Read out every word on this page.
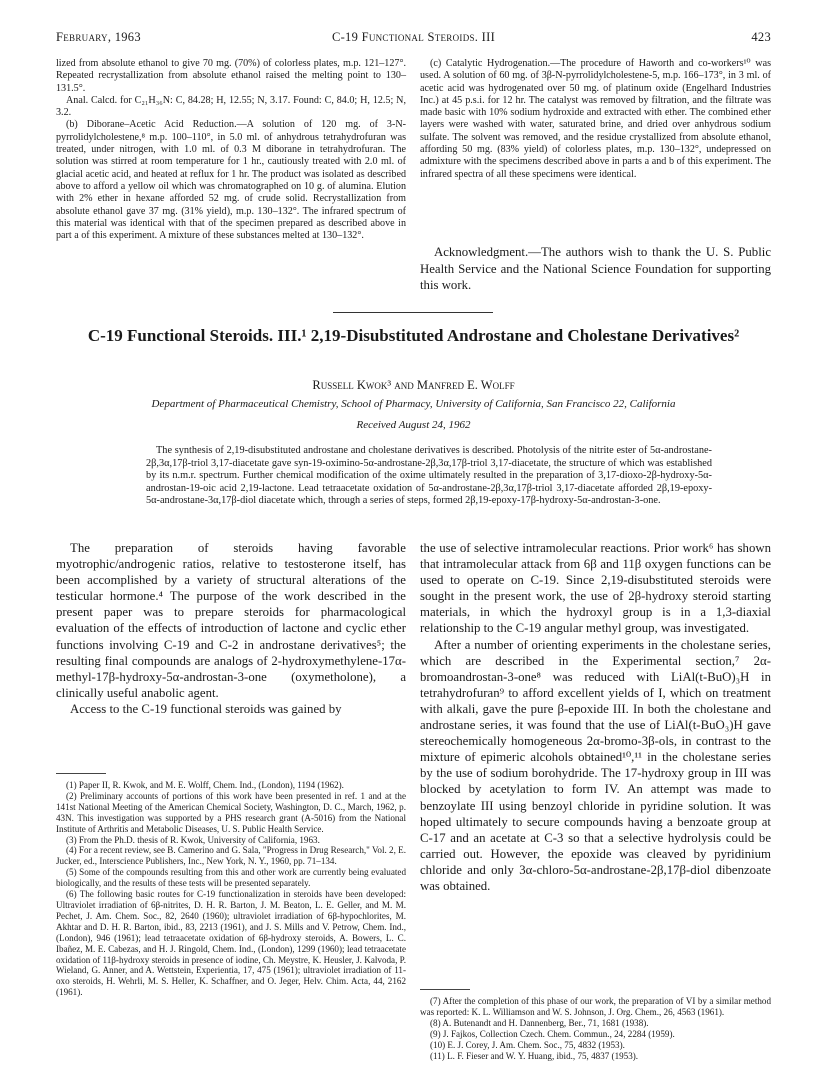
February, 1963	C-19 Functional Steroids. III	423

lized from absolute ethanol to give 70 mg. (70%) of colorless plates, m.p. 121–127°. Repeated recrystallization from absolute ethanol raised the melting point to 130–131.5°.

Anal. Calcd. for C₂₁H₃₆N: C, 84.28; H, 12.55; N, 3.17. Found: C, 84.0; H, 12.5; N, 3.2.

(b) Diborane–Acetic Acid Reduction.—A solution of 120 mg. of 3-N-pyrrolidylcholestene,⁸ m.p. 100–110°, in 5.0 ml. of anhydrous tetrahydrofuran was treated, under nitrogen, with 1.0 ml. of 0.3 M diborane in tetrahydrofuran. The solution was stirred at room temperature for 1 hr., cautiously treated with 2.0 ml. of glacial acetic acid, and heated at reflux for 1 hr. The product was isolated as described above to afford a yellow oil which was chromatographed on 10 g. of alumina. Elution with 2% ether in hexane afforded 52 mg. of crude solid. Recrystallization from absolute ethanol gave 37 mg. (31% yield), m.p. 130–132°. The infrared spectrum of this material was identical with that of the specimen prepared as described above in part a of this experiment. A mixture of these substances melted at 130–132°.

(c) Catalytic Hydrogenation.—The procedure of Haworth and co-workers¹⁰ was used. A solution of 60 mg. of 3β-N-pyrrolidylcholestene-5, m.p. 166–173°, in 3 ml. of acetic acid was hydrogenated over 50 mg. of platinum oxide (Engelhard Industries Inc.) at 45 p.s.i. for 12 hr. The catalyst was removed by filtration, and the filtrate was made basic with 10% sodium hydroxide and extracted with ether. The combined ether layers were washed with water, saturated brine, and dried over anhydrous sodium sulfate. The solvent was removed, and the residue crystallized from absolute ethanol, affording 50 mg. (83% yield) of colorless plates, m.p. 130–132°, undepressed on admixture with the specimens described above in parts a and b of this experiment. The infrared spectra of all these specimens were identical.

Acknowledgment.—The authors wish to thank the U. S. Public Health Service and the National Science Foundation for supporting this work.

C-19 Functional Steroids. III.¹ 2,19-Disubstituted Androstane and Cholestane Derivatives²
Russell Kwok³ and Manfred E. Wolff
Department of Pharmaceutical Chemistry, School of Pharmacy, University of California, San Francisco 22, California
Received August 24, 1962
The synthesis of 2,19-disubstituted androstane and cholestane derivatives is described. Photolysis of the nitrite ester of 5α-androstane-2β,3α,17β-triol 3,17-diacetate gave syn-19-oximino-5α-androstane-2β,3α,17β-triol 3,17-diacetate, the structure of which was established by its n.m.r. spectrum. Further chemical modification of the oxime ultimately resulted in the preparation of 3,17-dioxo-2β-hydroxy-5α-androstan-19-oic acid 2,19-lactone. Lead tetraacetate oxidation of 5α-androstane-2β,3α,17β-triol 3,17-diacetate afforded 2β,19-epoxy-5α-androstane-3α,17β-diol diacetate which, through a series of steps, formed 2β,19-epoxy-17β-hydroxy-5α-androstan-3-one.

The preparation of steroids having favorable myotrophic/androgenic ratios, relative to testosterone itself, has been accomplished by a variety of structural alterations of the testicular hormone.⁴ The purpose of the work described in the present paper was to prepare steroids for pharmacological evaluation of the effects of introduction of lactone and cyclic ether functions involving C-19 and C-2 in androstane derivatives⁵; the resulting final compounds are analogs of 2-hydroxymethylene-17α-methyl-17β-hydroxy-5α-androstan-3-one (oxymetholone), a clinically useful anabolic agent.

Access to the C-19 functional steroids was gained by

(1) Paper II, R. Kwok, and M. E. Wolff, Chem. Ind., (London), 1194 (1962).

(2) Preliminary accounts of portions of this work have been presented in ref. 1 and at the 141st National Meeting of the American Chemical Society, Washington, D. C., March, 1962, p. 43N. This investigation was supported by a PHS research grant (A-5016) from the National Institute of Arthritis and Metabolic Diseases, U. S. Public Health Service.

(3) From the Ph.D. thesis of R. Kwok, University of California, 1963.

(4) For a recent review, see B. Camerino and G. Sala, "Progress in Drug Research," Vol. 2, E. Jucker, ed., Interscience Publishers, Inc., New York, N. Y., 1960, pp. 71–134.

(5) Some of the compounds resulting from this and other work are currently being evaluated biologically, and the results of these tests will be presented separately.

(6) The following basic routes for C-19 functionalization in steroids have been developed: Ultraviolet irradiation of 6β-nitrites, D. H. R. Barton, J. M. Beaton, L. E. Geller, and M. M. Pechet, J. Am. Chem. Soc., 82, 2640 (1960); ultraviolet irradiation of 6β-hypochlorites, M. Akhtar and D. H. R. Barton, ibid., 83, 2213 (1961), and J. S. Mills and V. Petrow, Chem. Ind., (London), 946 (1961); lead tetraacetate oxidation of 6β-hydroxy steroids, A. Bowers, L. C. Ibañez, M. E. Cabezas, and H. J. Ringold, Chem. Ind., (London), 1299 (1960); lead tetraacetate oxidation of 11β-hydroxy steroids in presence of iodine, Ch. Meystre, K. Heusler, J. Kalvoda, P. Wieland, G. Anner, and A. Wettstein, Experientia, 17, 475 (1961); ultraviolet irradiation of 11-oxo steroids, H. Wehrli, M. S. Heller, K. Schaffner, and O. Jeger, Helv. Chim. Acta, 44, 2162 (1961).

the use of selective intramolecular reactions. Prior work⁶ has shown that intramolecular attack from 6β and 11β oxygen functions can be used to operate on C-19. Since 2,19-disubstituted steroids were sought in the present work, the use of 2β-hydroxy steroid starting materials, in which the hydroxyl group is in a 1,3-diaxial relationship to the C-19 angular methyl group, was investigated.

After a number of orienting experiments in the cholestane series, which are described in the Experimental section,⁷ 2α-bromoandrostan-3-one⁸ was reduced with LiAl(t-BuO)₃H in tetrahydrofuran⁹ to afford excellent yields of I, which on treatment with alkali, gave the pure β-epoxide III. In both the cholestane and androstane series, it was found that the use of LiAl(t-BuO₃)H gave stereochemically homogeneous 2α-bromo-3β-ols, in contrast to the mixture of epimeric alcohols obtained¹⁰,¹¹ in the cholestane series by the use of sodium borohydride. The 17-hydroxy group in III was blocked by acetylation to form IV. An attempt was made to benzoylate III using benzoyl chloride in pyridine solution. It was hoped ultimately to secure compounds having a benzoate group at C-17 and an acetate at C-3 so that a selective hydrolysis could be carried out. However, the epoxide was cleaved by pyridinium chloride and only 3α-chloro-5α-androstane-2β,17β-diol dibenzoate was obtained.

(7) After the completion of this phase of our work, the preparation of VI by a similar method was reported: K. L. Williamson and W. S. Johnson, J. Org. Chem., 26, 4563 (1961).

(8) A. Butenandt and H. Dannenberg, Ber., 71, 1681 (1938).

(9) J. Fajkos, Collection Czech. Chem. Commun., 24, 2284 (1959).

(10) E. J. Corey, J. Am. Chem. Soc., 75, 4832 (1953).

(11) L. F. Fieser and W. Y. Huang, ibid., 75, 4837 (1953).
